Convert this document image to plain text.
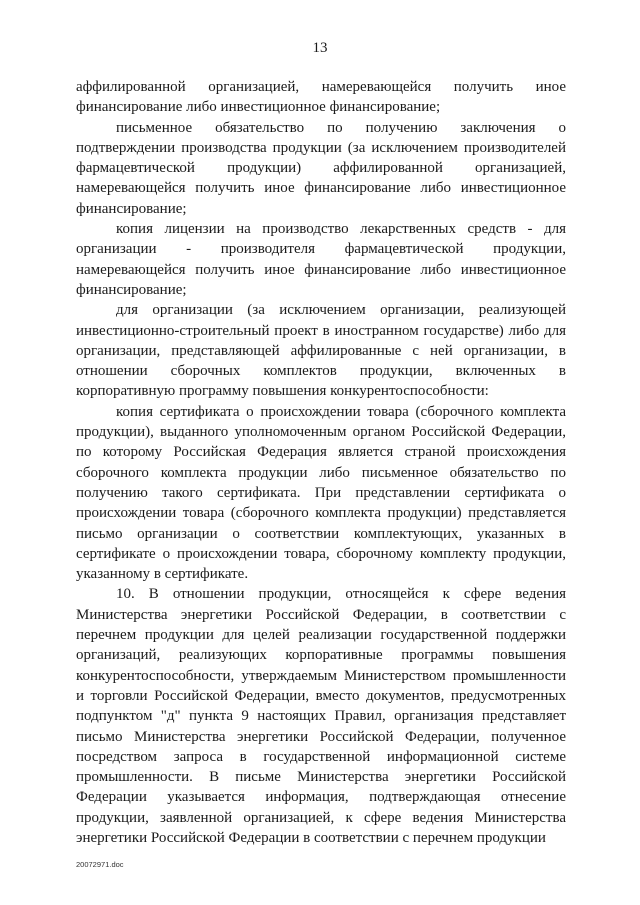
13

аффилированной организацией, намеревающейся получить иное финансирование либо инвестиционное финансирование;

письменное обязательство по получению заключения о подтверждении производства продукции (за исключением производителей фармацевтической продукции) аффилированной организацией, намеревающейся получить иное финансирование либо инвестиционное финансирование;

копия лицензии на производство лекарственных средств - для организации - производителя фармацевтической продукции, намеревающейся получить иное финансирование либо инвестиционное финансирование;

для организации (за исключением организации, реализующей инвестиционно-строительный проект в иностранном государстве) либо для организации, представляющей аффилированные с ней организации, в отношении сборочных комплектов продукции, включенных в корпоративную программу повышения конкурентоспособности:

копия сертификата о происхождении товара (сборочного комплекта продукции), выданного уполномоченным органом Российской Федерации, по которому Российская Федерация является страной происхождения сборочного комплекта продукции либо письменное обязательство по получению такого сертификата. При представлении сертификата о происхождении товара (сборочного комплекта продукции) представляется письмо организации о соответствии комплектующих, указанных в сертификате о происхождении товара, сборочному комплекту продукции, указанному в сертификате.

10. В отношении продукции, относящейся к сфере ведения Министерства энергетики Российской Федерации, в соответствии с перечнем продукции для целей реализации государственной поддержки организаций, реализующих корпоративные программы повышения конкурентоспособности, утверждаемым Министерством промышленности и торговли Российской Федерации, вместо документов, предусмотренных подпунктом "д" пункта 9 настоящих Правил, организация представляет письмо Министерства энергетики Российской Федерации, полученное посредством запроса в государственной информационной системе промышленности. В письме Министерства энергетики Российской Федерации указывается информация, подтверждающая отнесение продукции, заявленной организацией, к сфере ведения Министерства энергетики Российской Федерации в соответствии с перечнем продукции

20072971.doc
